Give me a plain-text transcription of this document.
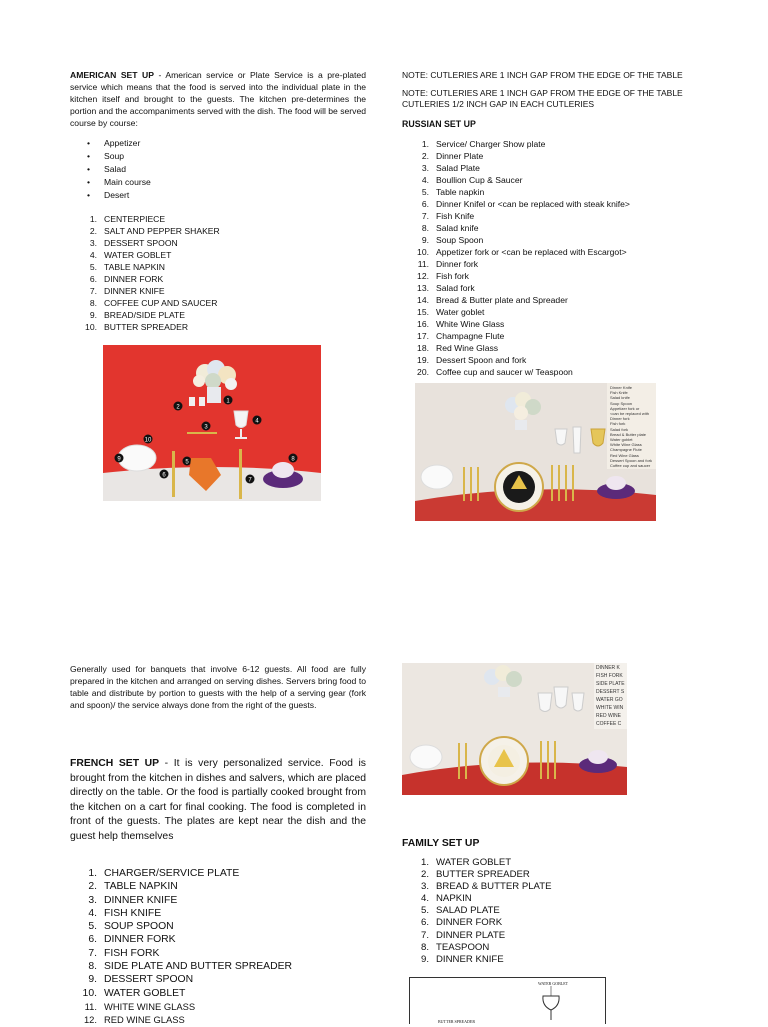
AMERICAN SET UP - American service or Plate Service is a pre-plated service which means that the food is served into the individual plate in the kitchen itself and brought to the guests. The kitchen pre-determines the portion and the accompaniments served with the dish. The food will be served course by course:

• Appetizer
• Soup
• Salad
• Main course
• Desert
1. CENTERPIECE
2. SALT AND PEPPER SHAKER
3. DESSERT SPOON
4. WATER GOBLET
5. TABLE NAPKIN
6. DINNER FORK
7. DINNER KNIFE
8. COFFEE CUP AND SAUCER
9. BREAD/SIDE PLATE
10. BUTTER SPREADER
2
1
4
3
10
9
6
5
7
8

NOTE: CUTLERIES ARE 1 INCH GAP FROM THE EDGE OF THE TABLE

NOTE: CUTLERIES ARE 1 INCH GAP FROM THE EDGE OF THE TABLE CUTLERIES 1/2 INCH GAP IN EACH CUTLERIES

RUSSIAN SET UP

1. Service/ Charger Show plate
2. Dinner Plate
3. Salad Plate
4. Boullion Cup & Saucer
5. Table napkin
6. Dinner Knifel or <can be replaced with steak knife>
7. Fish Knife
8. Salad knife
9. Soup Spoon
10. Appetizer fork or <can be replaced with Escargot>
11. Dinner fork
12. Fish fork
13. Salad fork
14. Bread & Butter plate and Spreader
15. Water goblet
16. White Wine Glass
17. Champagne Flute
18. Red Wine Glass
19. Dessert Spoon and fork
20. Coffee cup and saucer w/ Teaspoon
Dinner Knife
Fish Knife
Salad knife
Soup Spoon
Appetizer fork or
<can be replaced with
Dinner fork
Fish fork
Salad fork
Bread & Butter plate
Water goblet
White Wine Glass
Champagne Flute
Red Wine Glass
Dessert Spoon and fork
Coffee cup and saucer

Generally used for banquets that involve 6-12 guests. All food are fully prepared in the kitchen and arranged on serving dishes. Servers bring food to table and distribute by portion to guests with the help of a serving gear (fork and spoon)/ the service always done from the right of the guests.

FRENCH SET UP - It is very personalized service. Food is brought from the kitchen in dishes and salvers, which are placed directly on the table. Or the food is partially cooked brought from the kitchen on a cart for final cooking. The food is completed in front of the guests. The plates are kept near the dish and the guest help themselves

1. CHARGER/SERVICE PLATE
2. TABLE NAPKIN
3. DINNER KNIFE
4. FISH KNIFE
5. SOUP SPOON
6. DINNER FORK
7. FISH FORK
8. SIDE PLATE AND BUTTER SPREADER
9. DESSERT SPOON
10. WATER GOBLET
11. WHITE WINE GLASS
12. RED WINE GLASS
DINNER K
FISH FORK
SIDE PLATE
DESSERT S
WATER GO
WHITE WIN
RED WINE
COFFEE C

FAMILY SET UP

1. WATER GOBLET
2. BUTTER SPREADER
3. BREAD & BUTTER PLATE
4. NAPKIN
5. SALAD PLATE
6. DINNER FORK
7. DINNER PLATE
8. TEASPOON
9. DINNER KNIFE
WATER GOBLET
BUTTER SPREADER
